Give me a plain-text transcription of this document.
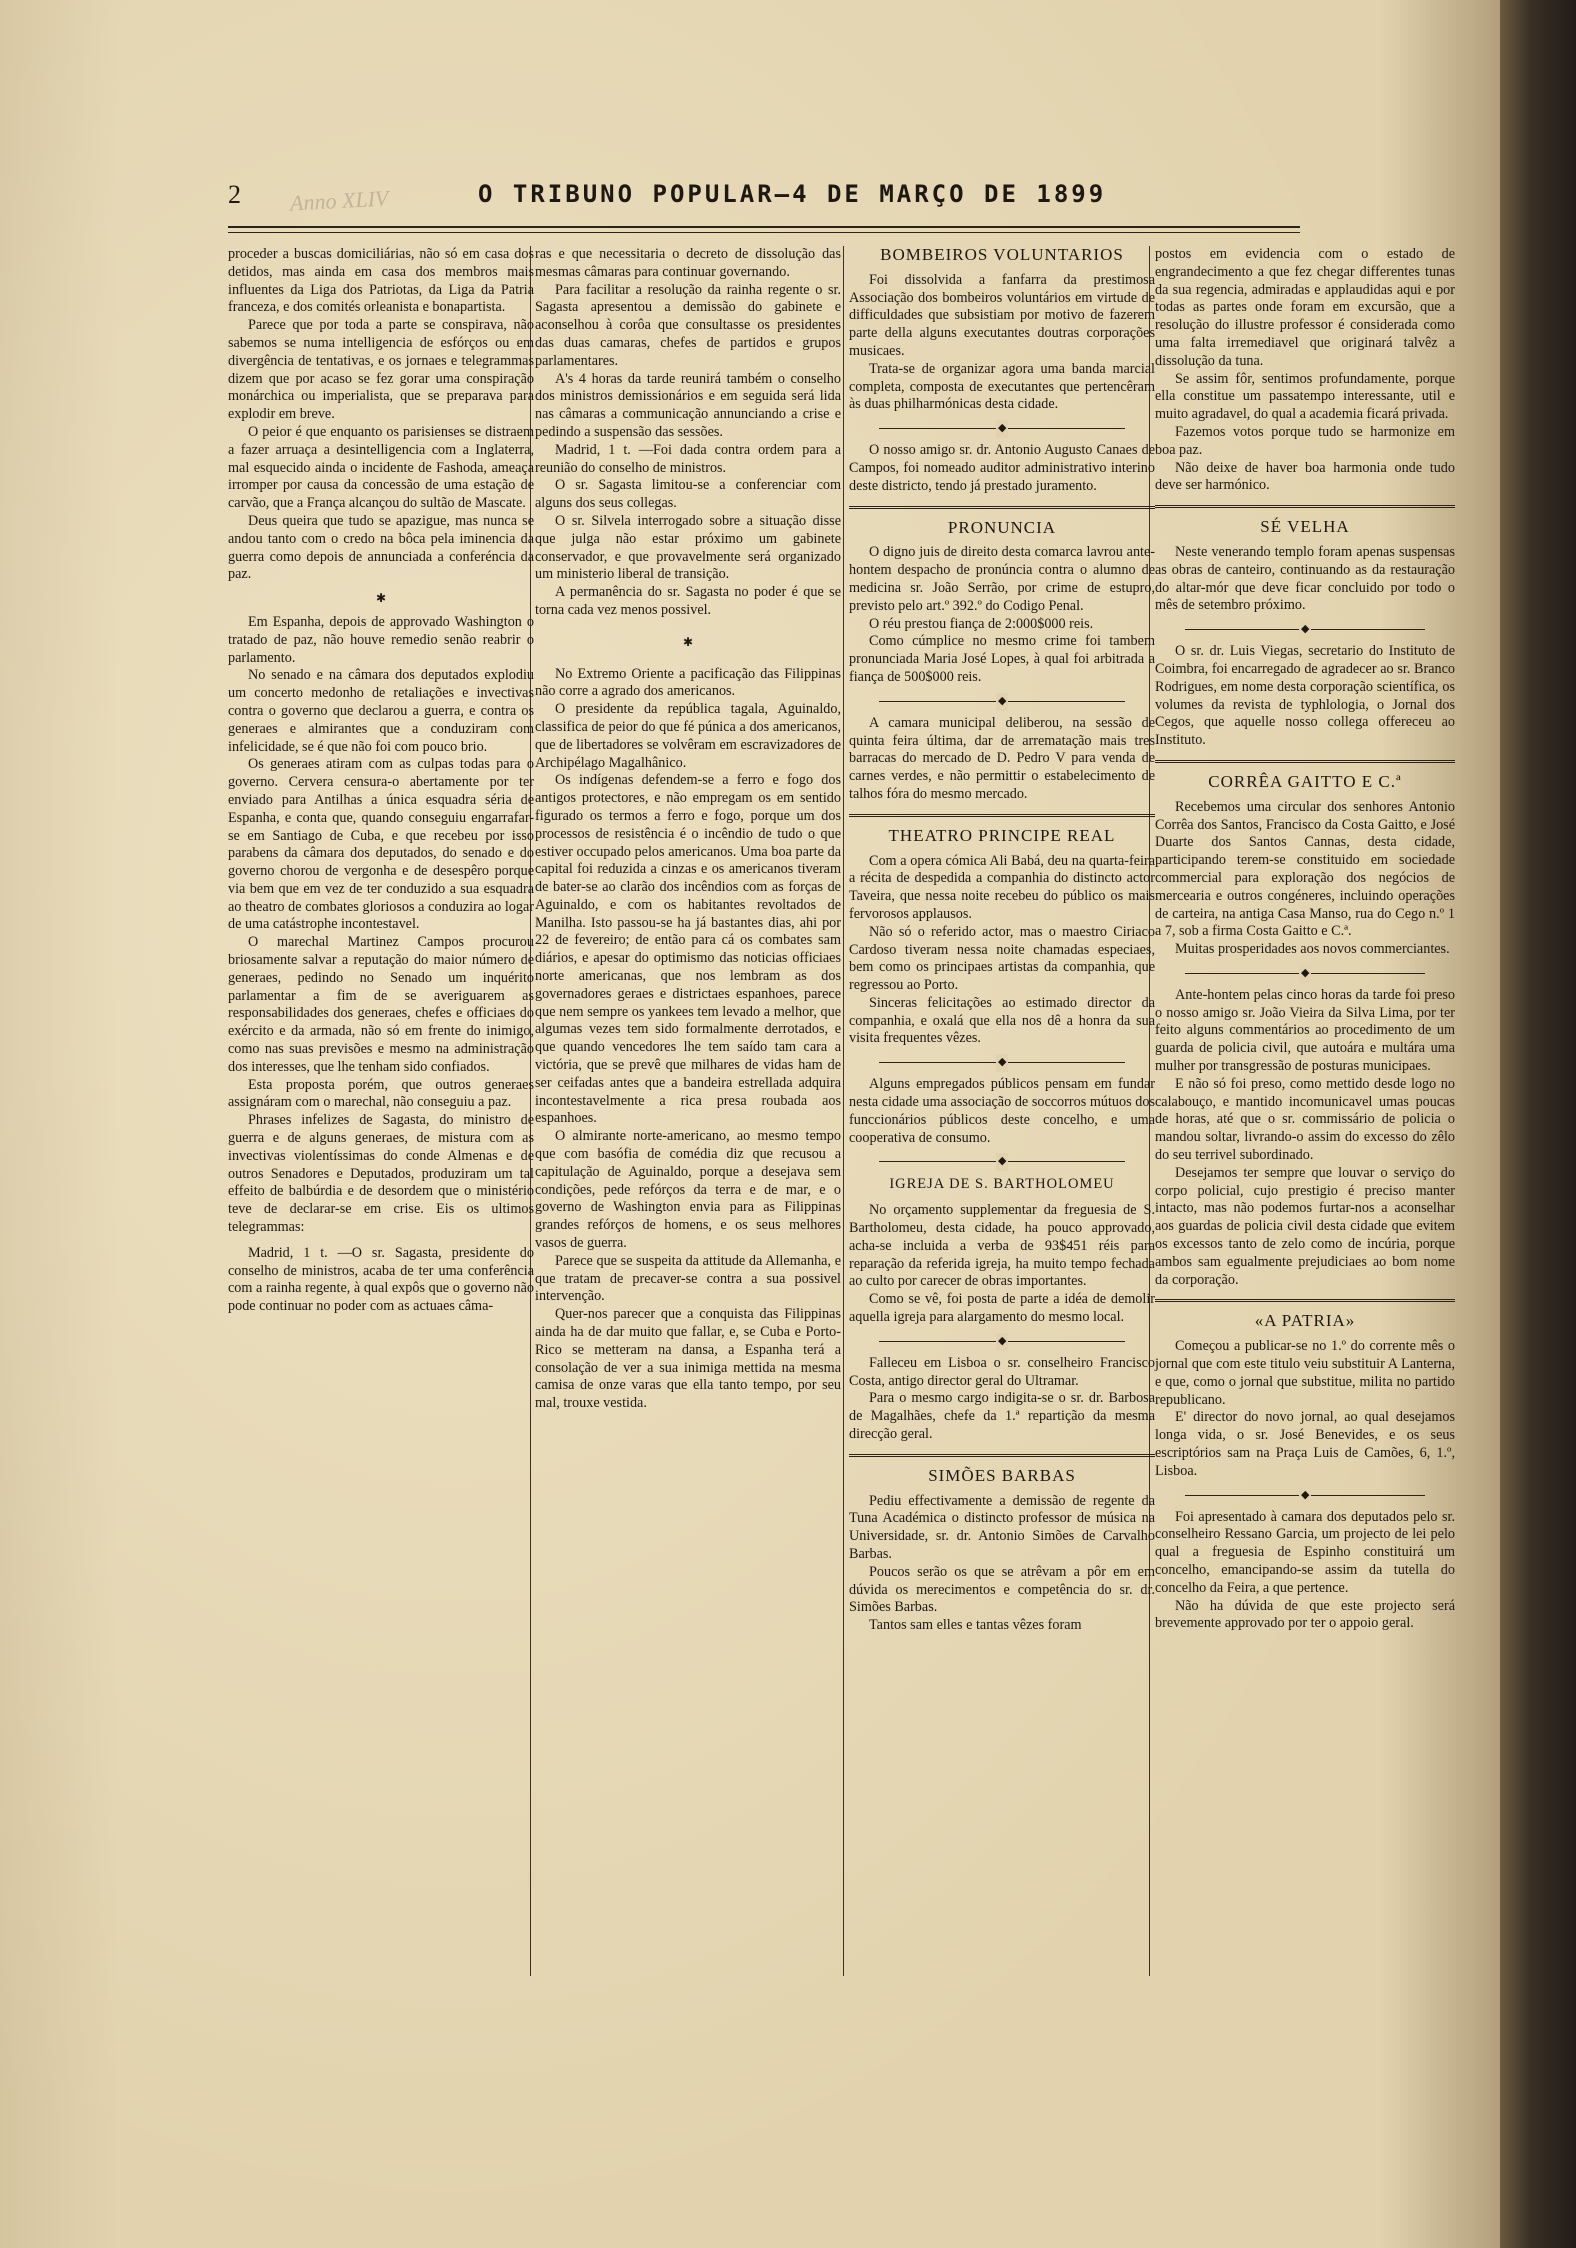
2	O TRIBUNO POPULAR—4 DE MARÇO DE 1899
Anno XLIV

proceder a buscas domiciliárias, não só em casa dos detidos, mas ainda em casa dos membros mais influentes da Liga dos Patriotas, da Liga da Patria franceza, e dos comités orleanista e bonapartista.

Parece que por toda a parte se conspirava, não sabemos se numa intelligencia de esfórços ou em divergência de tentativas, e os jornaes e telegrammas dizem que por acaso se fez gorar uma conspiração monárchica ou imperialista, que se preparava para explodir em breve.

O peior é que enquanto os parisienses se distraem a fazer arruaça a desintelligencia com a Inglaterra, mal esquecido ainda o incidente de Fashoda, ameaça irromper por causa da concessão de uma estação de carvão, que a França alcançou do sultão de Mascate.

Deus queira que tudo se apazigue, mas nunca se andou tanto com o credo na bôca pela iminencia da guerra como depois de annunciada a conferéncia da paz.

✱

Em Espanha, depois de approvado Washington o tratado de paz, não houve remedio senão reabrir o parlamento.

No senado e na câmara dos deputados explodiu um concerto medonho de retaliações e invectivas contra o governo que declarou a guerra, e contra os generaes e almirantes que a conduziram com infelicidade, se é que não foi com pouco brio.

Os generaes atiram com as culpas todas para o governo. Cervera censura-o abertamente por ter enviado para Antilhas a única esquadra séria de Espanha, e conta que, quando conseguiu engarrafar-se em Santiago de Cuba, e que recebeu por isso parabens da câmara dos deputados, do senado e do governo chorou de vergonha e de desespêro porque via bem que em vez de ter conduzido a sua esquadra ao theatro de combates gloriosos a conduzira ao logar de uma catástrophe incontestavel.

O marechal Martinez Campos procurou briosamente salvar a reputação do maior número de generaes, pedindo no Senado um inquérito parlamentar a fim de se averiguarem as responsabilidades dos generaes, chefes e officiaes do exército e da armada, não só em frente do inimigo, como nas suas previsões e mesmo na administração dos interesses, que lhe tenham sido confiados.

Esta proposta porém, que outros generaes assignáram com o marechal, não conseguiu a paz.

Phrases infelizes de Sagasta, do ministro de guerra e de alguns generaes, de mistura com as invectivas violentíssimas do conde Almenas e de outros Senadores e Deputados, produziram um tal effeito de balbúrdia e de desordem que o ministério teve de declarar-se em crise. Eis os ultimos telegrammas:

Madrid, 1 t. —O sr. Sagasta, presidente do conselho de ministros, acaba de ter uma conferência com a rainha regente, à qual expôs que o governo não pode continuar no poder com as actuaes câma-

ras e que necessitaria o decreto de dissolução das mesmas câmaras para continuar governando.

Para facilitar a resolução da rainha regente o sr. Sagasta apresentou a demissão do gabinete e aconselhou à corôa que consultasse os presidentes das duas camaras, chefes de partidos e grupos parlamentares.

A's 4 horas da tarde reunirá também o conselho dos ministros demissionários e em seguida será lida nas câmaras a communicação annunciando a crise e pedindo a suspensão das sessões.

Madrid, 1 t. —Foi dada contra ordem para a reunião do conselho de ministros.

O sr. Sagasta limitou-se a conferenciar com alguns dos seus collegas.

O sr. Silvela interrogado sobre a situação disse que julga não estar próximo um gabinete conservador, e que provavelmente será organizado um ministerio liberal de transição.

A permanência do sr. Sagasta no poder é que se torna cada vez menos possivel.

✱

No Extremo Oriente a pacificação das Filippinas não corre a agrado dos americanos.

O presidente da república tagala, Aguinaldo, classifica de peior do que fé púnica a dos americanos, que de libertadores se volvêram em escravizadores de Archipélago Magalhânico.

Os indígenas defendem-se a ferro e fogo dos antigos protectores, e não empregam os em sentido figurado os termos a ferro e fogo, porque um dos processos de resistência é o incêndio de tudo o que estiver occupado pelos americanos. Uma boa parte da capital foi reduzida a cinzas e os americanos tiveram de bater-se ao clarão dos incêndios com as forças de Aguinaldo, e com os habitantes revoltados de Manilha. Isto passou-se ha já bastantes dias, ahi por 22 de fevereiro; de então para cá os combates sam diários, e apesar do optimismo das noticias officiaes norte americanas, que nos lembram as dos governadores geraes e districtaes espanhoes, parece que nem sempre os yankees tem levado a melhor, que algumas vezes tem sido formalmente derrotados, e que quando vencedores lhe tem saído tam cara a victória, que se prevê que milhares de vidas ham de ser ceifadas antes que a bandeira estrellada adquira incontestavelmente a rica presa roubada aos espanhoes.

O almirante norte-americano, ao mesmo tempo que com basófia de comédia diz que recusou a capitulação de Aguinaldo, porque a desejava sem condições, pede refórços da terra e de mar, e o governo de Washington envia para as Filippinas grandes refórços de homens, e os seus melhores vasos de guerra.

Parece que se suspeita da attitude da Allemanha, e que tratam de precaver-se contra a sua possivel intervenção.

Quer-nos parecer que a conquista das Filippinas ainda ha de dar muito que fallar, e, se Cuba e Porto-Rico se metteram na dansa, a Espanha terá a consolação de ver a sua inimiga mettida na mesma camisa de onze varas que ella tanto tempo, por seu mal, trouxe vestida.

BOMBEIROS VOLUNTARIOS

Foi dissolvida a fanfarra da prestimosa Associação dos bombeiros voluntários em virtude de difficuldades que subsistiam por motivo de fazerem parte della alguns executantes doutras corporações musicaes.

Trata-se de organizar agora uma banda marcial completa, composta de executantes que pertencêram às duas philharmónicas desta cidade.

◆

O nosso amigo sr. dr. Antonio Augusto Canaes de Campos, foi nomeado auditor administrativo interino deste districto, tendo já prestado juramento.

PRONUNCIA

O digno juis de direito desta comarca lavrou ante-hontem despacho de pronúncia contra o alumno de medicina sr. João Serrão, por crime de estupro, previsto pelo art.º 392.º do Codigo Penal.

O réu prestou fiança de 2:000$000 reis.

Como cúmplice no mesmo crime foi tambem pronunciada Maria José Lopes, à qual foi arbitrada a fiança de 500$000 reis.

◆

A camara municipal deliberou, na sessão de quinta feira última, dar de arrematação mais tres barracas do mercado de D. Pedro V para venda de carnes verdes, e não permittir o estabelecimento de talhos fóra do mesmo mercado.

THEATRO PRINCIPE REAL

Com a opera cómica Ali Babá, deu na quarta-feira a récita de despedida a companhia do distincto actor Taveira, que nessa noite recebeu do público os mais fervorosos applausos.

Não só o referido actor, mas o maestro Ciriaco Cardoso tiveram nessa noite chamadas especiaes, bem como os principaes artistas da companhia, que regressou ao Porto.

Sinceras felicitações ao estimado director da companhia, e oxalá que ella nos dê a honra da sua visita frequentes vêzes.

◆

Alguns empregados públicos pensam em fundar nesta cidade uma associação de soccorros mútuos dos funccionários públicos deste concelho, e uma cooperativa de consumo.

◆
IGREJA DE S. BARTHOLOMEU

No orçamento supplementar da freguesia de S. Bartholomeu, desta cidade, ha pouco approvado, acha-se incluida a verba de 93$451 réis para reparação da referida igreja, ha muito tempo fechada ao culto por carecer de obras importantes.

Como se vê, foi posta de parte a idéa de demolir aquella igreja para alargamento do mesmo local.

◆

Falleceu em Lisboa o sr. conselheiro Francisco Costa, antigo director geral do Ultramar.

Para o mesmo cargo indigita-se o sr. dr. Barbosa de Magalhães, chefe da 1.ª repartição da mesma direcção geral.

SIMÕES BARBAS

Pediu effectivamente a demissão de regente da Tuna Académica o distincto professor de música na Universidade, sr. dr. Antonio Simões de Carvalho Barbas.

Poucos serão os que se atrêvam a pôr em em dúvida os merecimentos e competência do sr. dr. Simões Barbas.

Tantos sam elles e tantas vêzes foram

postos em evidencia com o estado de engrandecimento a que fez chegar differentes tunas da sua regencia, admiradas e applaudidas aqui e por todas as partes onde foram em excursão, que a resolução do illustre professor é considerada como uma falta irremediavel que originará talvêz a dissolução da tuna.

Se assim fôr, sentimos profundamente, porque ella constitue um passatempo interessante, util e muito agradavel, do qual a academia ficará privada.

Fazemos votos porque tudo se harmonize em boa paz.

Não deixe de haver boa harmonia onde tudo deve ser harmónico.

SÉ VELHA

Neste venerando templo foram apenas suspensas as obras de canteiro, continuando as da restauração do altar-mór que deve ficar concluido por todo o mês de setembro próximo.

◆

O sr. dr. Luis Viegas, secretario do Instituto de Coimbra, foi encarregado de agradecer ao sr. Branco Rodrigues, em nome desta corporação scientífica, os volumes da revista de typhlologia, o Jornal dos Cegos, que aquelle nosso collega offereceu ao Instituto.

CORRÊA GAITTO E C.ª

Recebemos uma circular dos senhores Antonio Corrêa dos Santos, Francisco da Costa Gaitto, e José Duarte dos Santos Cannas, desta cidade, participando terem-se constituido em sociedade commercial para exploração dos negócios de mercearia e outros congéneres, incluindo operações de carteira, na antiga Casa Manso, rua do Cego n.º 1 a 7, sob a firma Costa Gaitto e C.ª.

Muitas prosperidades aos novos commerciantes.

◆

Ante-hontem pelas cinco horas da tarde foi preso o nosso amigo sr. João Vieira da Silva Lima, por ter feito alguns commentários ao procedimento de um guarda de policia civil, que autoára e multára uma mulher por transgressão de posturas municipaes.

E não só foi preso, como mettido desde logo no calabouço, e mantido incomunicavel umas poucas de horas, até que o sr. commissário de policia o mandou soltar, livrando-o assim do excesso do zêlo do seu terrivel subordinado.

Desejamos ter sempre que louvar o serviço do corpo policial, cujo prestigio é preciso manter intacto, mas não podemos furtar-nos a aconselhar aos guardas de policia civil desta cidade que evitem os excessos tanto de zelo como de incúria, porque ambos sam egualmente prejudiciaes ao bom nome da corporação.

«A PATRIA»

Começou a publicar-se no 1.º do corrente mês o jornal que com este titulo veiu substituir A Lanterna, e que, como o jornal que substitue, milita no partido republicano.

E' director do novo jornal, ao qual desejamos longa vida, o sr. José Benevides, e os seus escriptórios sam na Praça Luis de Camões, 6, 1.º, Lisboa.

◆

Foi apresentado à camara dos deputados pelo sr. conselheiro Ressano Garcia, um projecto de lei pelo qual a freguesia de Espinho constituirá um concelho, emancipando-se assim da tutella do concelho da Feira, a que pertence.

Não ha dúvida de que este projecto será brevemente approvado por ter o appoio geral.
